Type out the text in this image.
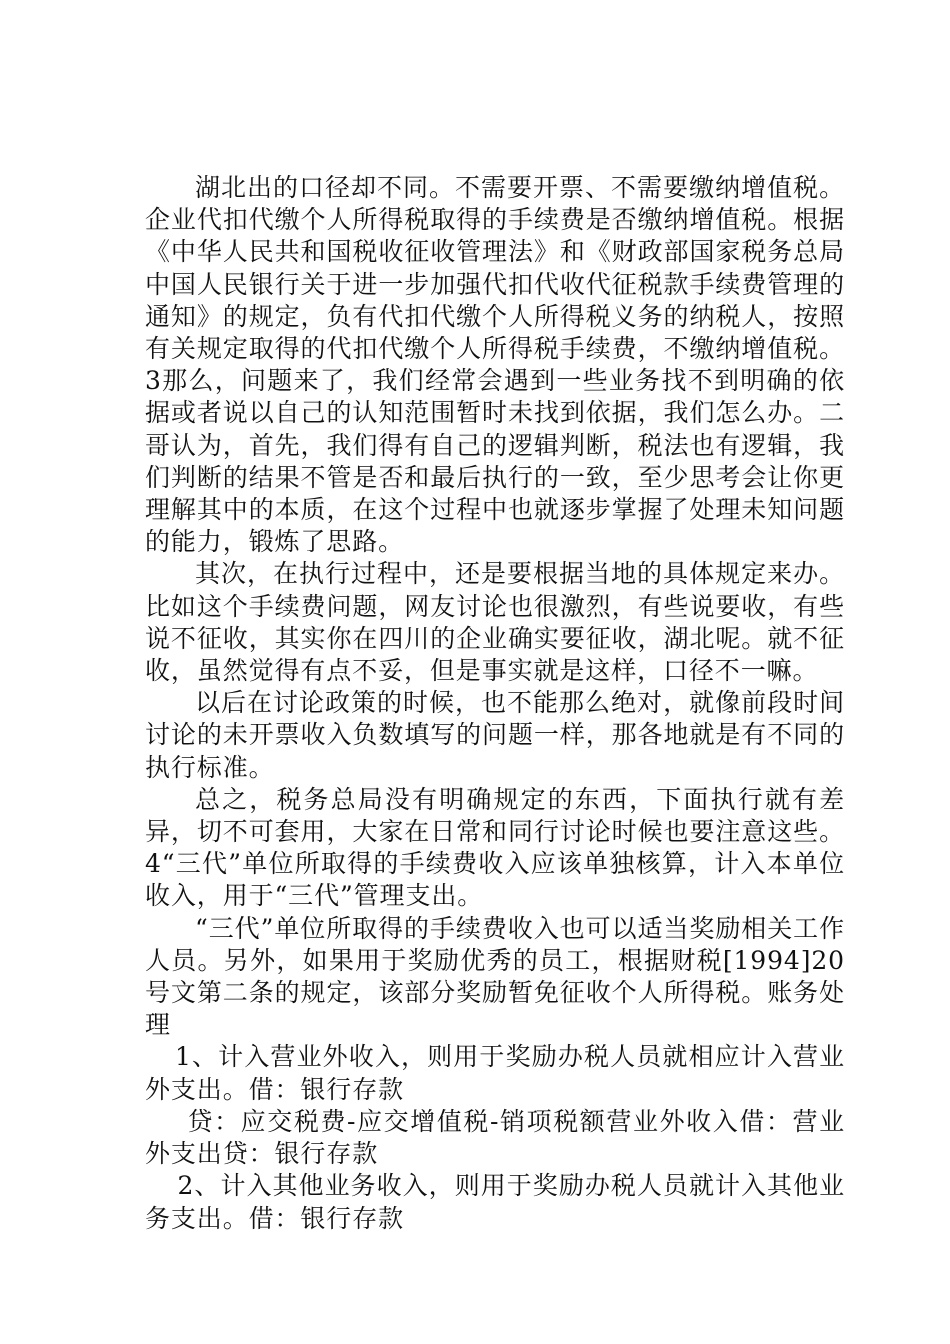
湖北出的口径却不同。不需要开票、不需要缴纳增值税。企业代扣代缴个人所得税取得的手续费是否缴纳增值税。根据《中华人民共和国税收征收管理法》和《财政部国家税务总局中国人民银行关于进一步加强代扣代收代征税款手续费管理的通知》的规定，负有代扣代缴个人所得税义务的纳税人，按照有关规定取得的代扣代缴个人所得税手续费，不缴纳增值税。3那么，问题来了，我们经常会遇到一些业务找不到明确的依据或者说以自己的认知范围暂时未找到依据，我们怎么办。二哥认为，首先，我们得有自己的逻辑判断，税法也有逻辑，我们判断的结果不管是否和最后执行的一致，至少思考会让你更理解其中的本质，在这个过程中也就逐步掌握了处理未知问题的能力，锻炼了思路。

其次，在执行过程中，还是要根据当地的具体规定来办。比如这个手续费问题，网友讨论也很激烈，有些说要收，有些说不征收，其实你在四川的企业确实要征收，湖北呢。就不征收，虽然觉得有点不妥，但是事实就是这样，口径不一嘛。

以后在讨论政策的时候，也不能那么绝对，就像前段时间讨论的未开票收入负数填写的问题一样，那各地就是有不同的执行标准。

总之，税务总局没有明确规定的东西，下面执行就有差异，切不可套用，大家在日常和同行讨论时候也要注意这些。4“三代”单位所取得的手续费收入应该单独核算，计入本单位收入，用于“三代”管理支出。

“三代”单位所取得的手续费收入也可以适当奖励相关工作人员。另外，如果用于奖励优秀的员工，根据财税[1994]20号文第二条的规定，该部分奖励暂免征收个人所得税。账务处理

1、计入营业外收入，则用于奖励办税人员就相应计入营业外支出。借：银行存款

贷：应交税费-应交增值税-销项税额营业外收入借：营业外支出贷：银行存款

2、计入其他业务收入，则用于奖励办税人员就计入其他业务支出。借：银行存款
